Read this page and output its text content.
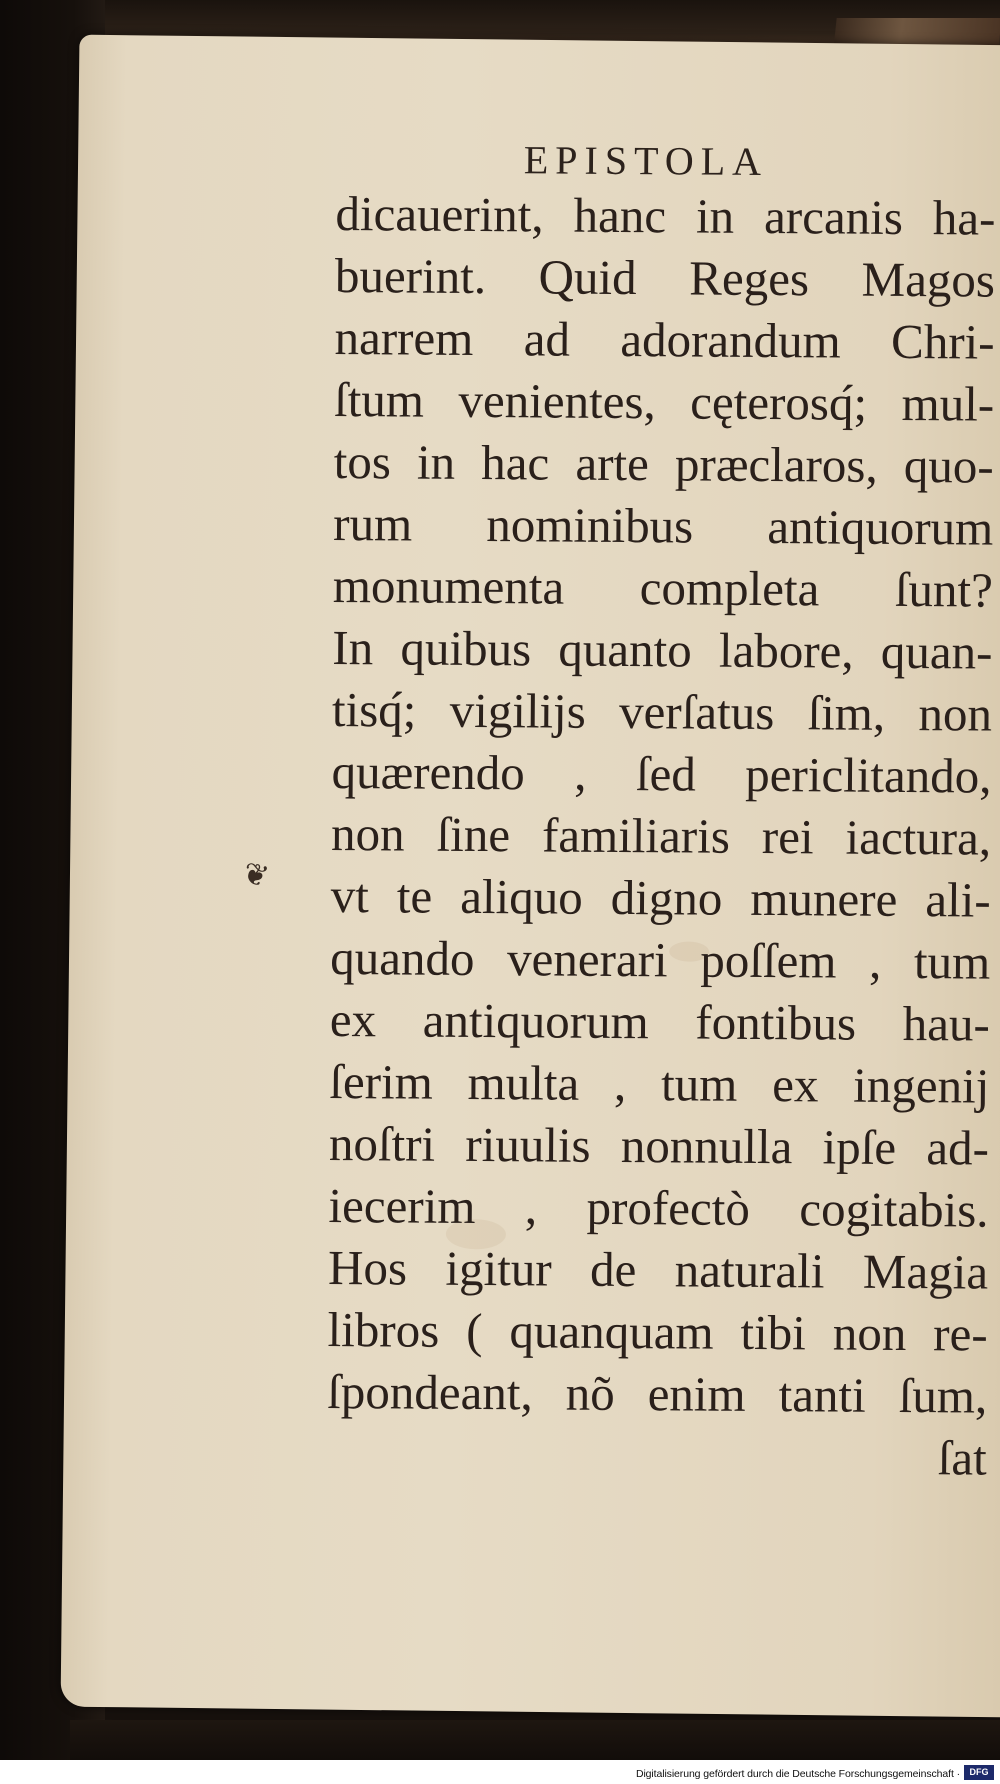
❦
EPISTOLA
dicauerint, hanc in arcanis ha-
buerint. Quid Reges Magos
narrem ad adorandum Chri-
ſtum venientes, cęterosq́; mul-
tos in hac arte præclaros, quo-
rum nominibus antiquorum
monumenta completa ſunt?
In quibus quanto labore, quan-
tisq́; vigilijs verſatus ſim, non
quærendo , ſed periclitando,
non ſine familiaris rei iactura,
vt te aliquo digno munere ali-
quando venerari poſſem , tum
ex antiquorum fontibus hau-
ſerim multa , tum ex ingenij
noſtri riuulis nonnulla ipſe ad-
iecerim , profectò cogitabis.
Hos igitur de naturali Magia
libros ( quanquam tibi non re-
ſpondeant, nõ enim tanti ſum,
ſat
Digitalisierung gefördert durch die Deutsche Forschungsgemeinschaft ·	DFG
